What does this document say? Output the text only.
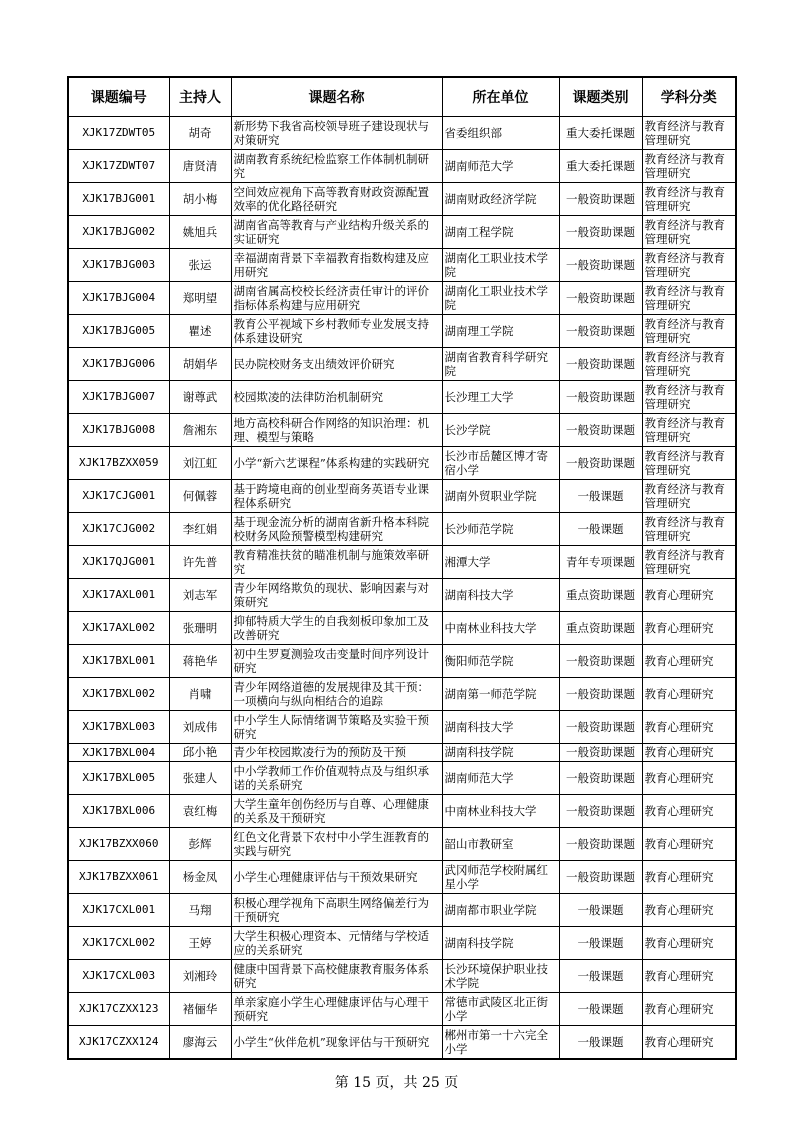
课题编号	主持人	课题名称	所在单位	课题类别	学科分类
XJK17ZDWT05	胡奇	新形势下我省高校领导班子建设现状与对策研究	省委组织部	重大委托课题	教育经济与教育管理研究
XJK17ZDWT07	唐贤清	湖南教育系统纪检监察工作体制机制研究	湖南师范大学	重大委托课题	教育经济与教育管理研究
XJK17BJG001	胡小梅	空间效应视角下高等教育财政资源配置效率的优化路径研究	湖南财政经济学院	一般资助课题	教育经济与教育管理研究
XJK17BJG002	姚旭兵	湖南省高等教育与产业结构升级关系的实证研究	湖南工程学院	一般资助课题	教育经济与教育管理研究
XJK17BJG003	张运	幸福湖南背景下幸福教育指数构建及应用研究	湖南化工职业技术学院	一般资助课题	教育经济与教育管理研究
XJK17BJG004	郑明望	湖南省属高校校长经济责任审计的评价指标体系构建与应用研究	湖南化工职业技术学院	一般资助课题	教育经济与教育管理研究
XJK17BJG005	瞿述	教育公平视域下乡村教师专业发展支持体系建设研究	湖南理工学院	一般资助课题	教育经济与教育管理研究
XJK17BJG006	胡娟华	民办院校财务支出绩效评价研究	湖南省教育科学研究院	一般资助课题	教育经济与教育管理研究
XJK17BJG007	谢尊武	校园欺凌的法律防治机制研究	长沙理工大学	一般资助课题	教育经济与教育管理研究
XJK17BJG008	詹湘东	地方高校科研合作网络的知识治理：机理、模型与策略	长沙学院	一般资助课题	教育经济与教育管理研究
XJK17BZXX059	刘江虹	小学“新六艺课程”体系构建的实践研究	长沙市岳麓区博才寄宿小学	一般资助课题	教育经济与教育管理研究
XJK17CJG001	何佩蓉	基于跨境电商的创业型商务英语专业课程体系研究	湖南外贸职业学院	一般课题	教育经济与教育管理研究
XJK17CJG002	李红娟	基于现金流分析的湖南省新升格本科院校财务风险预警模型构建研究	长沙师范学院	一般课题	教育经济与教育管理研究
XJK17QJG001	许先普	教育精准扶贫的瞄准机制与施策效率研究	湘潭大学	青年专项课题	教育经济与教育管理研究
XJK17AXL001	刘志军	青少年网络欺负的现状、影响因素与对策研究	湖南科技大学	重点资助课题	教育心理研究
XJK17AXL002	张珊明	抑郁特质大学生的自我刻板印象加工及改善研究	中南林业科技大学	重点资助课题	教育心理研究
XJK17BXL001	蒋艳华	初中生罗夏测验攻击变量时间序列设计研究	衡阳师范学院	一般资助课题	教育心理研究
XJK17BXL002	肖啸	青少年网络道德的发展规律及其干预：一项横向与纵向相结合的追踪	湖南第一师范学院	一般资助课题	教育心理研究
XJK17BXL003	刘成伟	中小学生人际情绪调节策略及实验干预研究	湖南科技大学	一般资助课题	教育心理研究
XJK17BXL004	邱小艳	青少年校园欺凌行为的预防及干预	湖南科技学院	一般资助课题	教育心理研究
XJK17BXL005	张建人	中小学教师工作价值观特点及与组织承诺的关系研究	湖南师范大学	一般资助课题	教育心理研究
XJK17BXL006	袁红梅	大学生童年创伤经历与自尊、心理健康的关系及干预研究	中南林业科技大学	一般资助课题	教育心理研究
XJK17BZXX060	彭辉	红色文化背景下农村中小学生涯教育的实践与研究	韶山市教研室	一般资助课题	教育心理研究
XJK17BZXX061	杨金凤	小学生心理健康评估与干预效果研究	武冈师范学校附属红星小学	一般资助课题	教育心理研究
XJK17CXL001	马翔	积极心理学视角下高职生网络偏差行为干预研究	湖南都市职业学院	一般课题	教育心理研究
XJK17CXL002	王婷	大学生积极心理资本、元情绪与学校适应的关系研究	湖南科技学院	一般课题	教育心理研究
XJK17CXL003	刘湘玲	健康中国背景下高校健康教育服务体系研究	长沙环境保护职业技术学院	一般课题	教育心理研究
XJK17CZXX123	褚俪华	单亲家庭小学生心理健康评估与心理干预研究	常德市武陵区北正街小学	一般课题	教育心理研究
XJK17CZXX124	廖海云	小学生“伙伴危机”现象评估与干预研究	郴州市第一十六完全小学	一般课题	教育心理研究
第 15 页，共 25 页
